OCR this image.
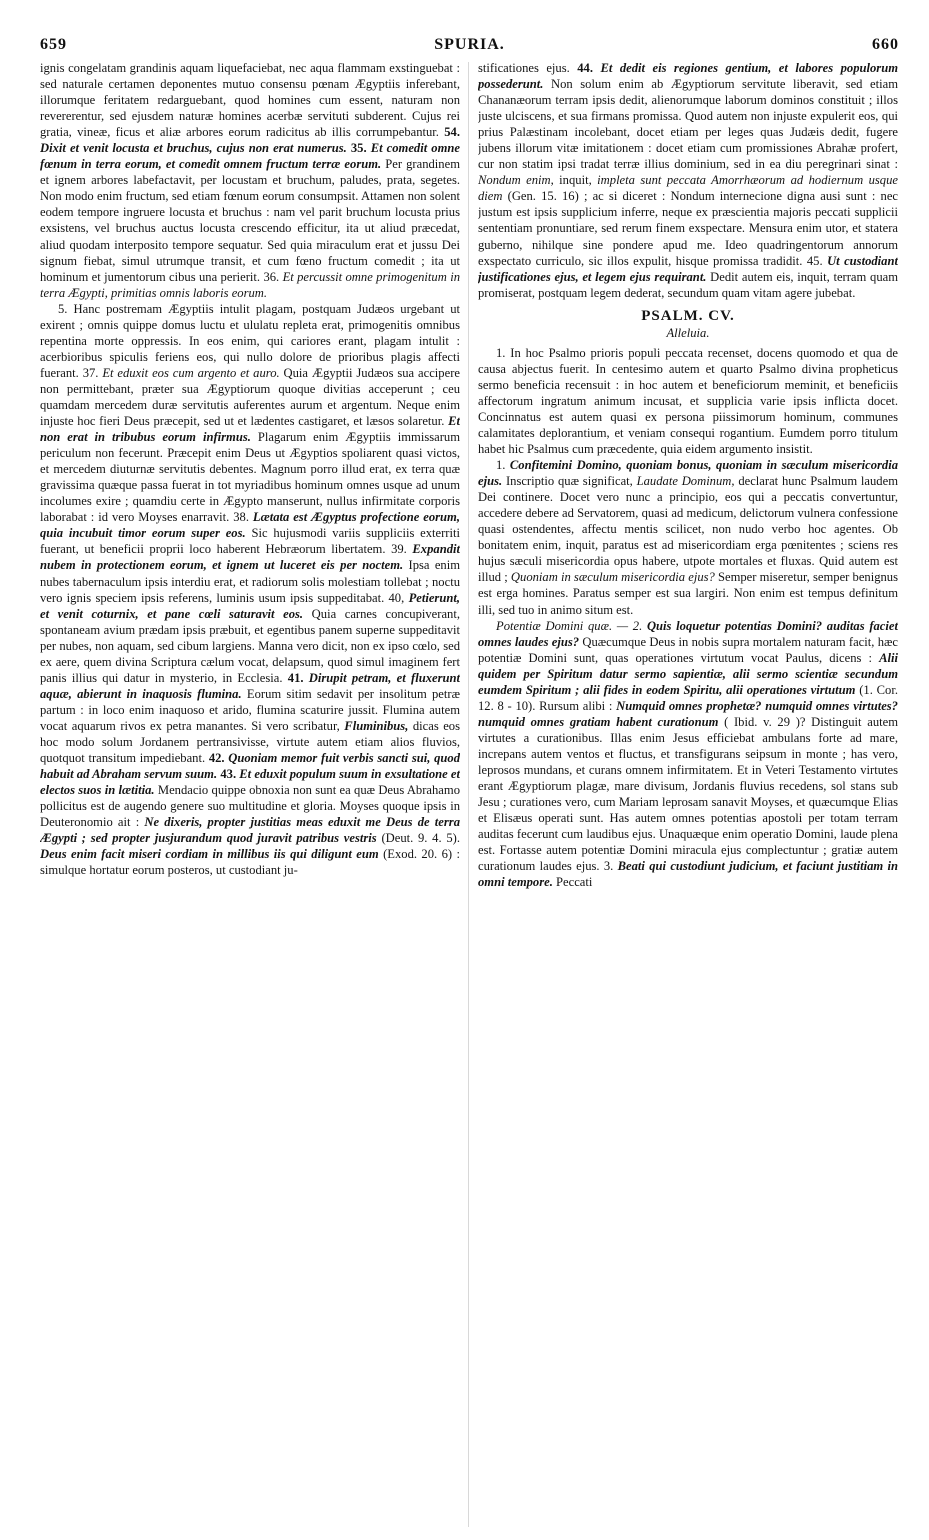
659	SPURIA.	660

ignis congelatam grandinis aquam liquefaciebat, nec aqua flammam exstinguebat : sed naturale certamen deponentes mutuo consensu pœnam Ægyptiis inferebant, illorumque feritatem redarguebant, quod homines cum essent, naturam non revererentur, sed ejusdem naturæ homines acerbæ servituti subderent. Cujus rei gratia, vineæ, ficus et aliæ arbores eorum radicitus ab illis corrumpebantur. 54. Dixit et venit locusta et bruchus, cujus non erat numerus. 35. Et comedit omne fœnum in terra eorum, et comedit omnem fructum terræ eorum. Per grandinem et ignem arbores labefactavit, per locustam et bruchum, paludes, prata, segetes. Non modo enim fructum, sed etiam fœnum eorum consumpsit. Attamen non solent eodem tempore ingruere locusta et bruchus : nam vel parit bruchum locusta prius exsistens, vel bruchus auctus locusta crescendo efficitur, ita ut aliud præcedat, aliud quodam interposito tempore sequatur. Sed quia miraculum erat et jussu Dei signum fiebat, simul utrumque transit, et cum fœno fructum comedit ; ita ut hominum et jumentorum cibus una perierit. 36. Et percussit omne primogenitum in terra Ægypti, primitias omnis laboris eorum.

5. Hanc postremam Ægyptiis intulit plagam, postquam Judæos urgebant ut exirent ; omnis quippe domus luctu et ululatu repleta erat, primogenitis omnibus repentina morte oppressis. In eos enim, qui cariores erant, plagam intulit : acerbioribus spiculis feriens eos, qui nullo dolore de prioribus plagis affecti fuerant. 37. Et eduxit eos cum argento et auro. Quia Ægyptii Judæos sua accipere non permittebant, præter sua Ægyptiorum quoque divitias acceperunt ; ceu quamdam mercedem duræ servitutis auferentes aurum et argentum. Neque enim injuste hoc fieri Deus præcepit, sed ut et lædentes castigaret, et læsos solaretur. Et non erat in tribubus eorum infirmus. Plagarum enim Ægyptiis immissarum periculum non fecerunt. Præcepit enim Deus ut Ægyptios spoliarent quasi victos, et mercedem diuturnæ servitutis debentes. Magnum porro illud erat, ex terra quæ gravissima quæque passa fuerat in tot myriadibus hominum omnes usque ad unum incolumes exire ; quamdiu certe in Ægypto manserunt, nullus infirmitate corporis laborabat : id vero Moyses enarravit. 38. Lætata est Ægyptus profectione eorum, quia incubuit timor eorum super eos. Sic hujusmodi variis suppliciis exterriti fuerant, ut beneficii proprii loco haberent Hebræorum libertatem. 39. Expandit nubem in protectionem eorum, et ignem ut luceret eis per noctem. Ipsa enim nubes tabernaculum ipsis interdiu erat, et radiorum solis molestiam tollebat ; noctu vero ignis speciem ipsis referens, luminis usum ipsis suppeditabat. 40, Petierunt, et venit coturnix, et pane cœli saturavit eos. Quia carnes concupiverant, spontaneam avium prædam ipsis præbuit, et egentibus panem superne suppeditavit per nubes, non aquam, sed cibum largiens. Manna vero dicit, non ex ipso cœlo, sed ex aere, quem divina Scriptura cælum vocat, delapsum, quod simul imaginem fert panis illius qui datur in mysterio, in Ecclesia. 41. Dirupit petram, et fluxerunt aquæ, abierunt in inaquosis flumina. Eorum sitim sedavit per insolitum petræ partum : in loco enim inaquoso et arido, flumina scaturire jussit. Flumina autem vocat aquarum rivos ex petra manantes. Si vero scribatur, Fluminibus, dicas eos hoc modo solum Jordanem pertransivisse, virtute autem etiam alios fluvios, quotquot transitum impediebant. 42. Quoniam memor fuit verbis sancti sui, quod habuit ad Abraham servum suum. 43. Et eduxit populum suum in exsultatione et electos suos in lætitia. Mendacio quippe obnoxia non sunt ea quæ Deus Abrahamo pollicitus est de augendo genere suo multitudine et gloria. Moyses quoque ipsis in Deuteronomio ait : Ne dixeris, propter justitias meas eduxit me Deus de terra Ægypti ; sed propter jusjurandum quod juravit patribus vestris (Deut. 9. 4. 5). Deus enim facit miseri cordiam in millibus iis qui diligunt eum (Exod. 20. 6) : simulque hortatur eorum posteros, ut custodiant ju-

stificationes ejus. 44. Et dedit eis regiones gentium, et labores populorum possederunt. Non solum enim ab Ægyptiorum servitute liberavit, sed etiam Chananæorum terram ipsis dedit, alienorumque laborum dominos constituit ; illos juste ulciscens, et sua firmans promissa. Quod autem non injuste expulerit eos, qui prius Palæstinam incolebant, docet etiam per leges quas Judæis dedit, fugere jubens illorum vitæ imitationem : docet etiam cum promissiones Abrahæ profert, cur non statim ipsi tradat terræ illius dominium, sed in ea diu peregrinari sinat : Nondum enim, inquit, impleta sunt peccata Amorrhæorum ad hodiernum usque diem (Gen. 15. 16) ; ac si diceret : Nondum internecione digna ausi sunt : nec justum est ipsis supplicium inferre, neque ex præscientia majoris peccati supplicii sententiam pronuntiare, sed rerum finem exspectare. Mensura enim utor, et statera guberno, nihilque sine pondere apud me. Ideo quadringentorum annorum exspectato curriculo, sic illos expulit, hisque promissa tradidit. 45. Ut custodiant justificationes ejus, et legem ejus requirant. Dedit autem eis, inquit, terram quam promiserat, postquam legem dederat, secundum quam vitam agere jubebat.

PSALM. CV.
Alleluia.

1. In hoc Psalmo prioris populi peccata recenset, docens quomodo et qua de causa abjectus fuerit. In centesimo autem et quarto Psalmo divina propheticus sermo beneficia recensuit : in hoc autem et beneficiorum meminit, et beneficiis affectorum ingratum animum incusat, et supplicia varie ipsis inflicta docet. Concinnatus est autem quasi ex persona piissimorum hominum, communes calamitates deplorantium, et veniam consequi rogantium. Eumdem porro titulum habet hic Psalmus cum præcedente, quia eidem argumento insistit.

1. Confitemini Domino, quoniam bonus, quoniam in sæculum misericordia ejus. Inscriptio quæ significat, Laudate Dominum, declarat hunc Psalmum laudem Dei continere. Docet vero nunc a principio, eos qui a peccatis convertuntur, accedere debere ad Servatorem, quasi ad medicum, delictorum vulnera confessione quasi ostendentes, affectu mentis scilicet, non nudo verbo hoc agentes. Ob bonitatem enim, inquit, paratus est ad misericordiam erga pœnitentes ; sciens res hujus sæculi misericordia opus habere, utpote mortales et fluxas. Quid autem est illud ; Quoniam in sæculum misericordia ejus? Semper miseretur, semper benignus est erga homines. Paratus semper est sua largiri. Non enim est tempus definitum illi, sed tuo in animo situm est.

Potentiæ Domini quæ. — 2. Quis loquetur potentias Domini? auditas faciet omnes laudes ejus? Quæcumque Deus in nobis supra mortalem naturam facit, hæc potentiæ Domini sunt, quas operationes virtutum vocat Paulus, dicens : Alii quidem per Spiritum datur sermo sapientiæ, alii sermo scientiæ secundum eumdem Spiritum ; alii fides in eodem Spiritu, alii operationes virtutum (1. Cor. 12. 8 - 10). Rursum alibi : Numquid omnes prophetæ? numquid omnes virtutes? numquid omnes gratiam habent curationum ( Ibid. v. 29 )? Distinguit autem virtutes a curationibus. Illas enim Jesus efficiebat ambulans forte ad mare, increpans autem ventos et fluctus, et transfigurans seipsum in monte ; has vero, leprosos mundans, et curans omnem infirmitatem. Et in Veteri Testamento virtutes erant Ægyptiorum plagæ, mare divisum, Jordanis fluvius recedens, sol stans sub Jesu ; curationes vero, cum Mariam leprosam sanavit Moyses, et quæcumque Elias et Elisæus operati sunt. Has autem omnes potentias apostoli per totam terram auditas fecerunt cum laudibus ejus. Unaquæque enim operatio Domini, laude plena est. Fortasse autem potentiæ Domini miracula ejus complectuntur ; gratiæ autem curationum laudes ejus. 3. Beati qui custodiunt judicium, et faciunt justitiam in omni tempore. Peccati
